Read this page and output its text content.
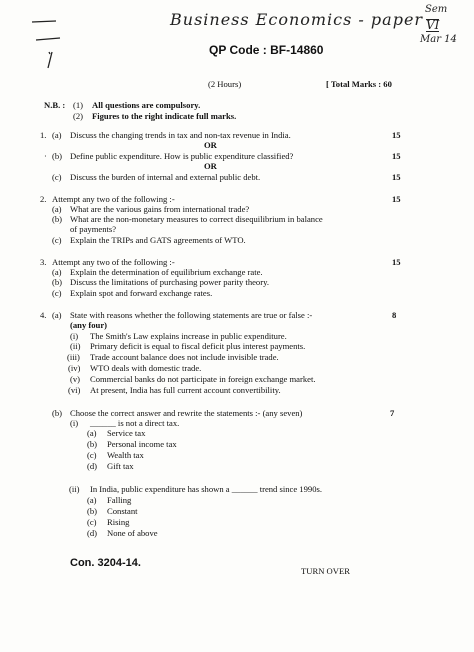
Business Economics - paper
Sem
VI
Mar 14
QP Code : BF-14860
(2 Hours)	[ Total Marks : 60
N.B. : (1) All questions are compulsory.
(2) Figures to the right indicate full marks.
1. (a) Discuss the changing trends in tax and non-tax revenue in India.	15
OR
· (b) Define public expenditure. How is public expenditure classified?	15
OR
(c) Discuss the burden of internal and external public debt.	15
2. Attempt any two of the following :-	15
(a) What are the various gains from international trade?
(b) What are the non-monetary measures to correct disequilibrium in balance
of payments?
(c) Explain the TRIPs and GATS agreements of WTO.
3. Attempt any two of the following :-	15
(a) Explain the determination of equilibrium exchange rate.
(b) Discuss the limitations of purchasing power parity theory.
(c) Explain spot and forward exchange rates.
4. (a) State with reasons whether the following statements are true or false :-	8
(any four)
(i) The Smith's Law explains increase in public expenditure.
(ii) Primary deficit is equal to fiscal deficit plus interest payments.
(iii) Trade account balance does not include invisible trade.
(iv) WTO deals with domestic trade.
(v) Commercial banks do not participate in foreign exchange market.
(vi) At present, India has full current account convertibility.
(b) Choose the correct answer and rewrite the statements :- (any seven)	7
(i) ______ is not a direct tax.
(a) Service tax
(b) Personal income tax
(c) Wealth tax
(d) Gift tax
(ii) In India, public expenditure has shown a ______ trend since 1990s.
(a) Falling
(b) Constant
(c) Rising
(d) None of above
Con. 3204-14.
TURN OVER
